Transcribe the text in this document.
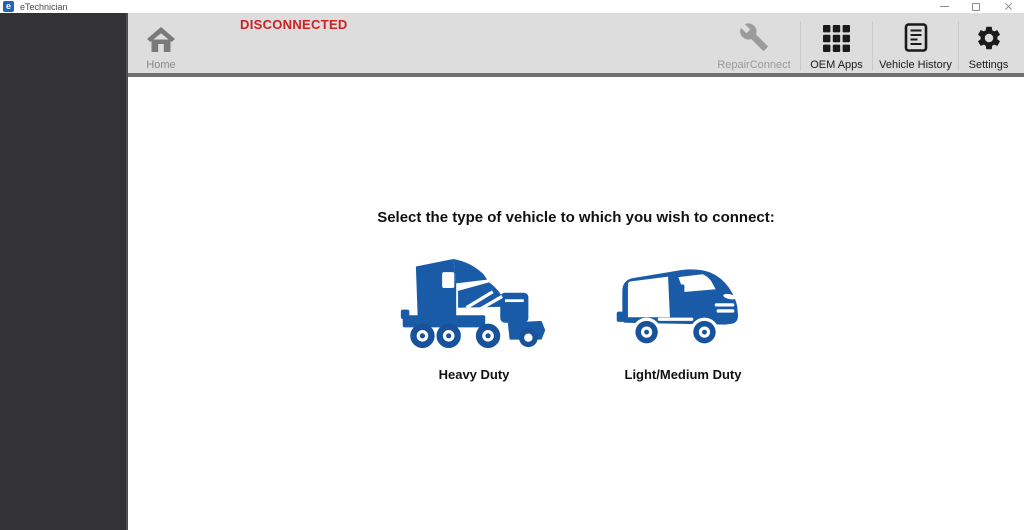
e	eTechnician
Home
DISCONNECTED
RepairConnect OEM Apps Vehicle History Settings
Select the type of vehicle to which you wish to connect:
Heavy Duty	Light/Medium Duty
